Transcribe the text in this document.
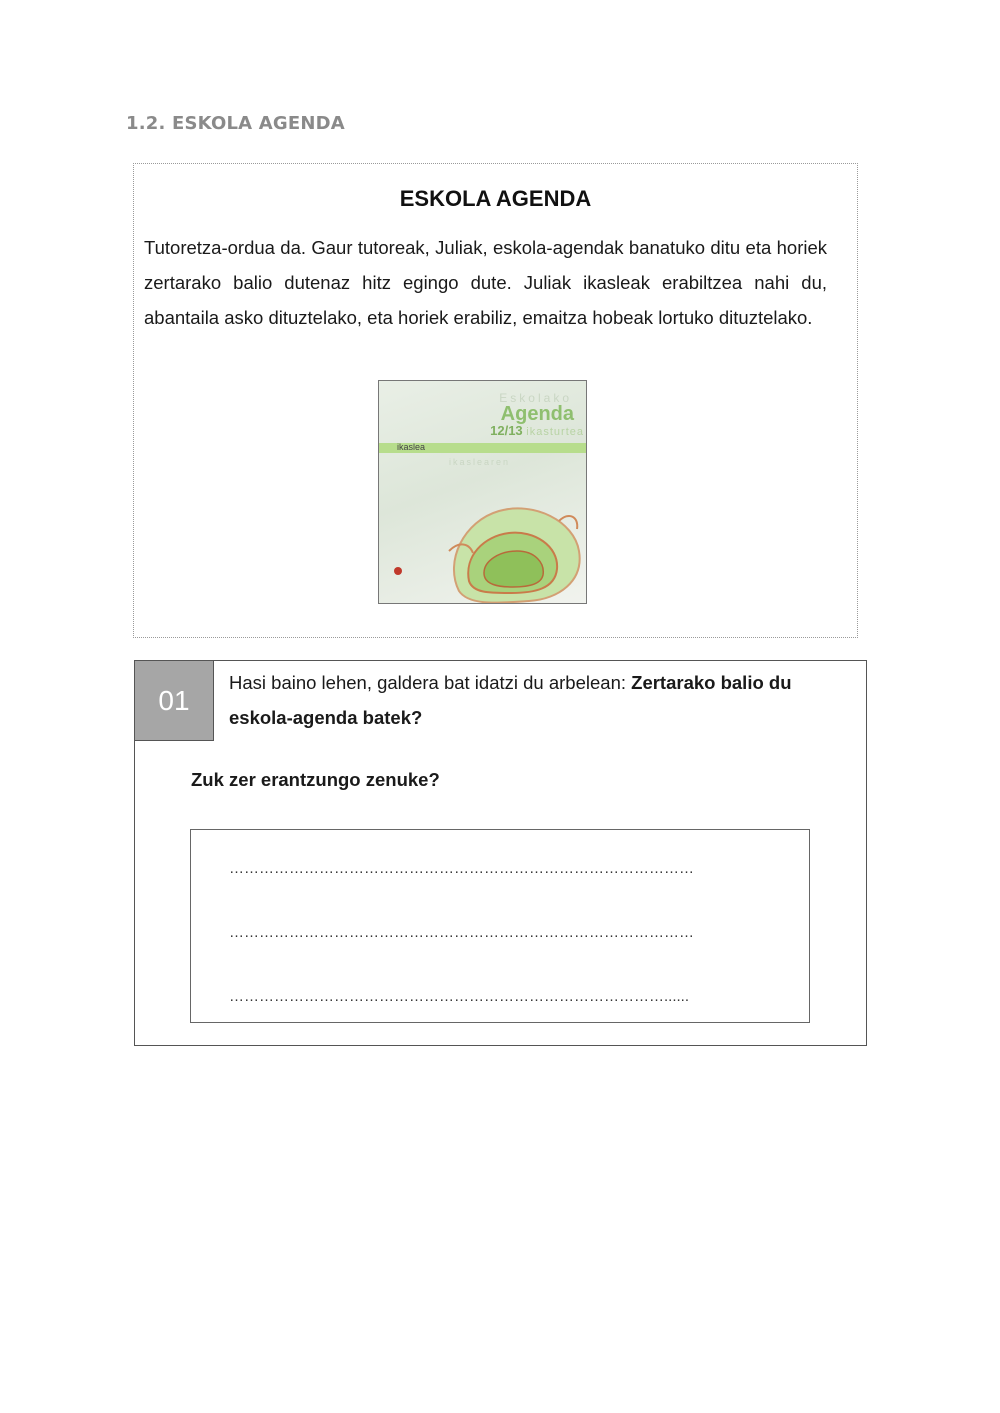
1.2. ESKOLA AGENDA
ESKOLA AGENDA
Tutoretza-ordua da. Gaur tutoreak, Juliak, eskola-agendak banatuko ditu eta horiek zertarako balio dutenaz hitz egingo dute. Juliak ikasleak erabiltzea nahi du, abantaila asko dituztelako, eta horiek erabiliz, emaitza hobeak lortuko dituztelako.
Eskolako
Agenda
12/13 ikasturtea
ikaslea
ikaslearen
01
Hasi baino lehen, galdera bat idatzi du arbelean: Zertarako balio du eskola-agenda batek?
Zuk zer erantzungo zenuke?
…………………………………………………………………………………
…………………………………………………………………………………
……………………………………………………………………………......
